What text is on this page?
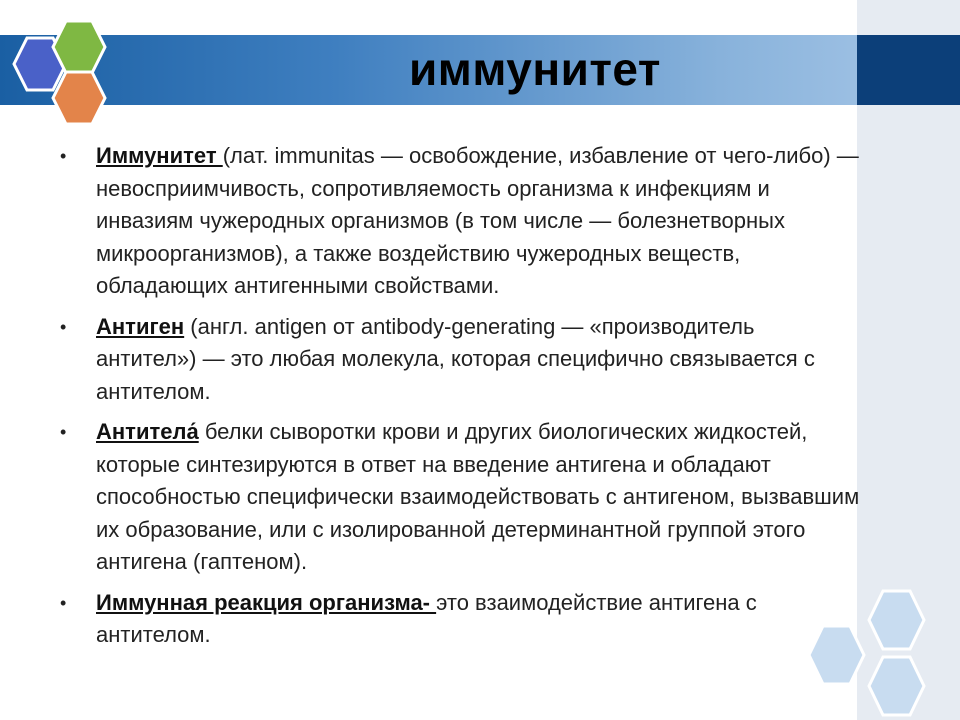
иммунитет
• Иммунитет (лат. immunitas — освобождение, избавление от чего-либо) — невосприимчивость, сопротивляемость организма к инфекциям и инвазиям чужеродных организмов (в том числе — болезнетворных микроорганизмов), а также воздействию чужеродных веществ, обладающих антигенными свойствами.
• Антиген (англ. antigen от antibody-generating — «производитель антител») — это любая молекула, которая специфично связывается с антителом.
• Антитела́ белки сыворотки крови и других биологических жидкостей, которые синтезируются в ответ на введение антигена и обладают способностью специфически взаимодействовать с антигеном, вызвавшим их образование, или с изолированной детерминантной группой этого антигена (гаптеном).
• Иммунная реакция организма- это взаимодействие антигена с антителом.
